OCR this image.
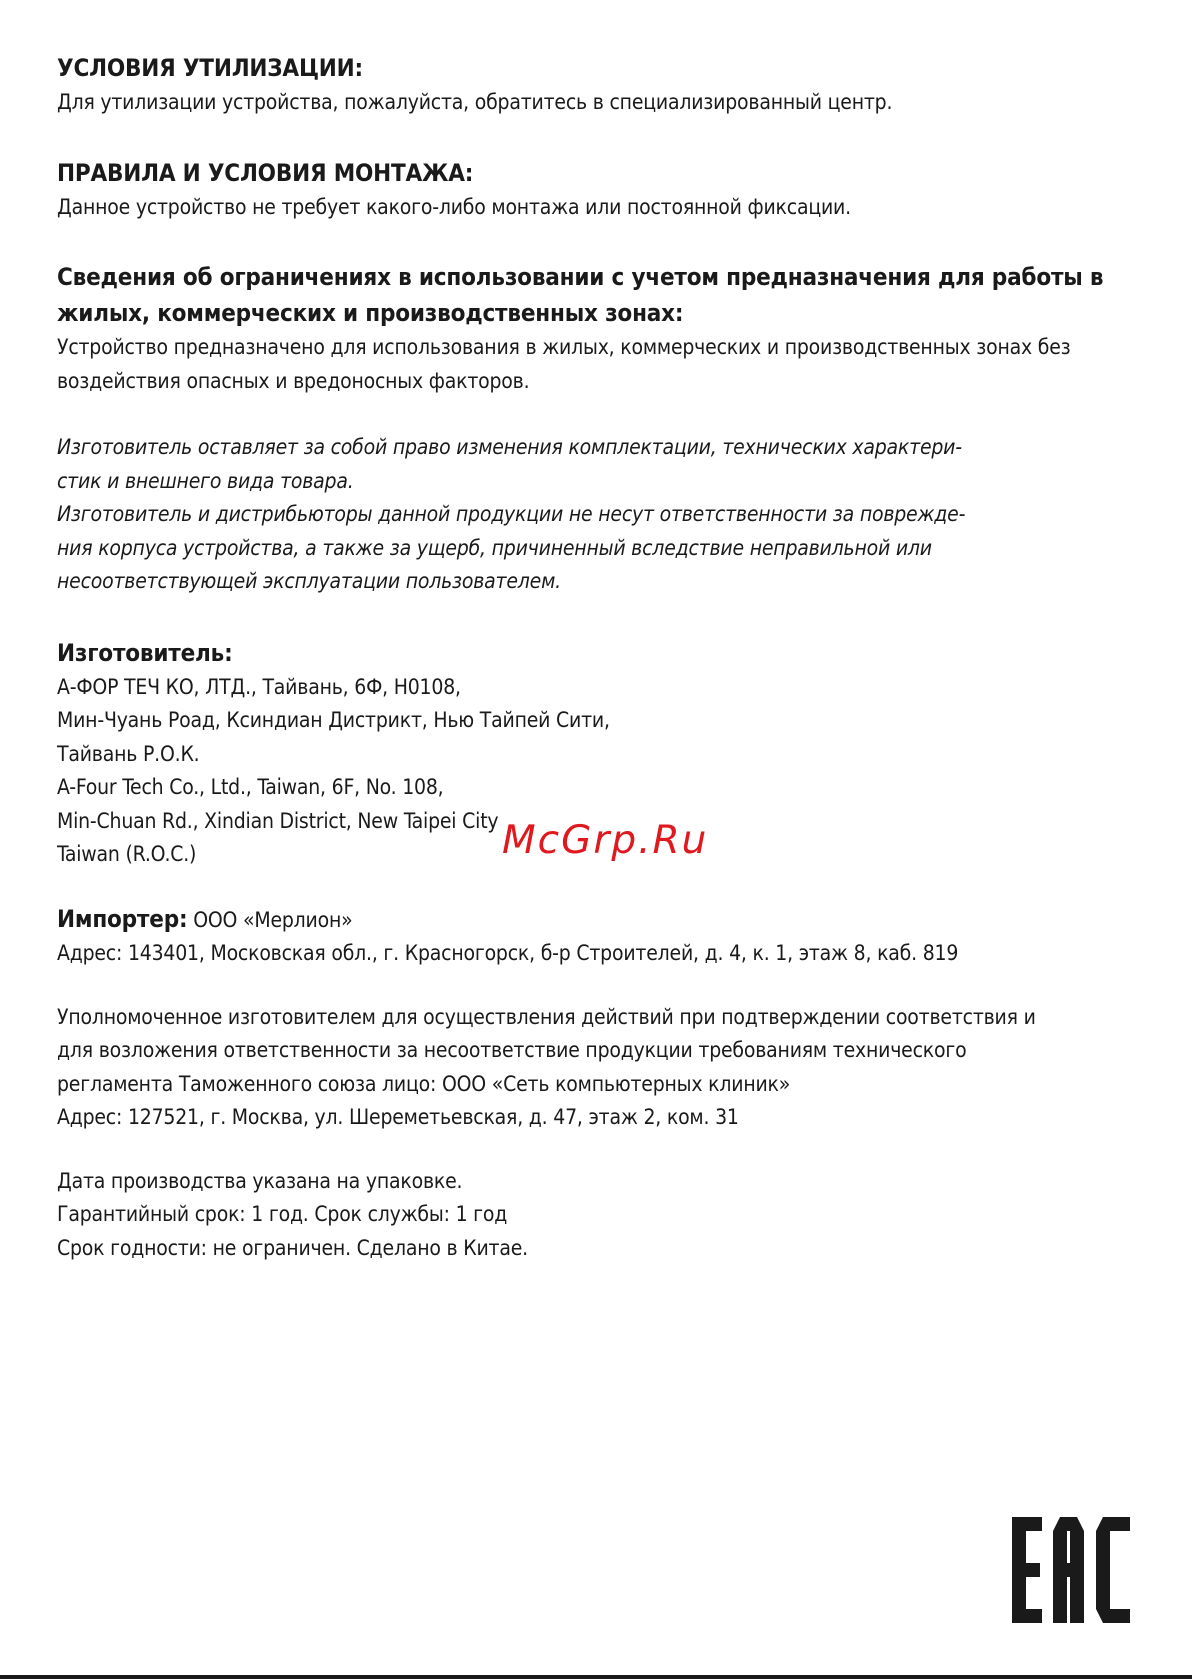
УСЛОВИЯ УТИЛИЗАЦИИ:

Для утилизации устройства, пожалуйста, обратитесь в специализированный центр.

ПРАВИЛА И УСЛОВИЯ МОНТАЖА:

Данное устройство не требует какого-либо монтажа или постоянной фиксации.

Сведения об ограничениях в использовании с учетом предназначения для работы в
жилых, коммерческих и производственных зонах:

Устройство предназначено для использования в жилых, коммерческих и производственных зонах без

воздействия опасных и вредоносных факторов.

Изготовитель оставляет за собой право изменения комплектации, технических характери-

стик и внешнего вида товара.

Изготовитель и дистрибьюторы данной продукции не несут ответственности за поврежде-

ния корпуса устройства, а также за ущерб, причиненный вследствие неправильной или

несоответствующей эксплуатации пользователем.

Изготовитель:

А-ФОР ТЕЧ КО, ЛТД., Тайвань, 6Ф, Н0108,

Мин-Чуань Роад, Ксиндиан Дистрикт, Нью Тайпей Сити,

Тайвань Р.О.К.

A-Four Tech Co., Ltd., Taiwan, 6F, No. 108,

Min-Chuan Rd., Xindian District, New Taipei City

Taiwan (R.O.C.)

Импортер: ООО «Мерлион»

Адрес: 143401, Московская обл., г. Красногорск, б-р Строителей, д. 4, к. 1, этаж 8, каб. 819

Уполномоченное изготовителем для осуществления действий при подтверждении соответствия и

для возложения ответственности за несоответствие продукции требованиям технического

регламента Таможенного союза лицо: ООО «Сеть компьютерных клиник»

Адрес: 127521, г. Москва, ул. Шереметьевская, д. 47, этаж 2, ком. 31

Дата производства указана на упаковке.

Гарантийный срок: 1 год. Срок службы: 1 год

Срок годности: не ограничен. Сделано в Китае.

McGrp.Ru
